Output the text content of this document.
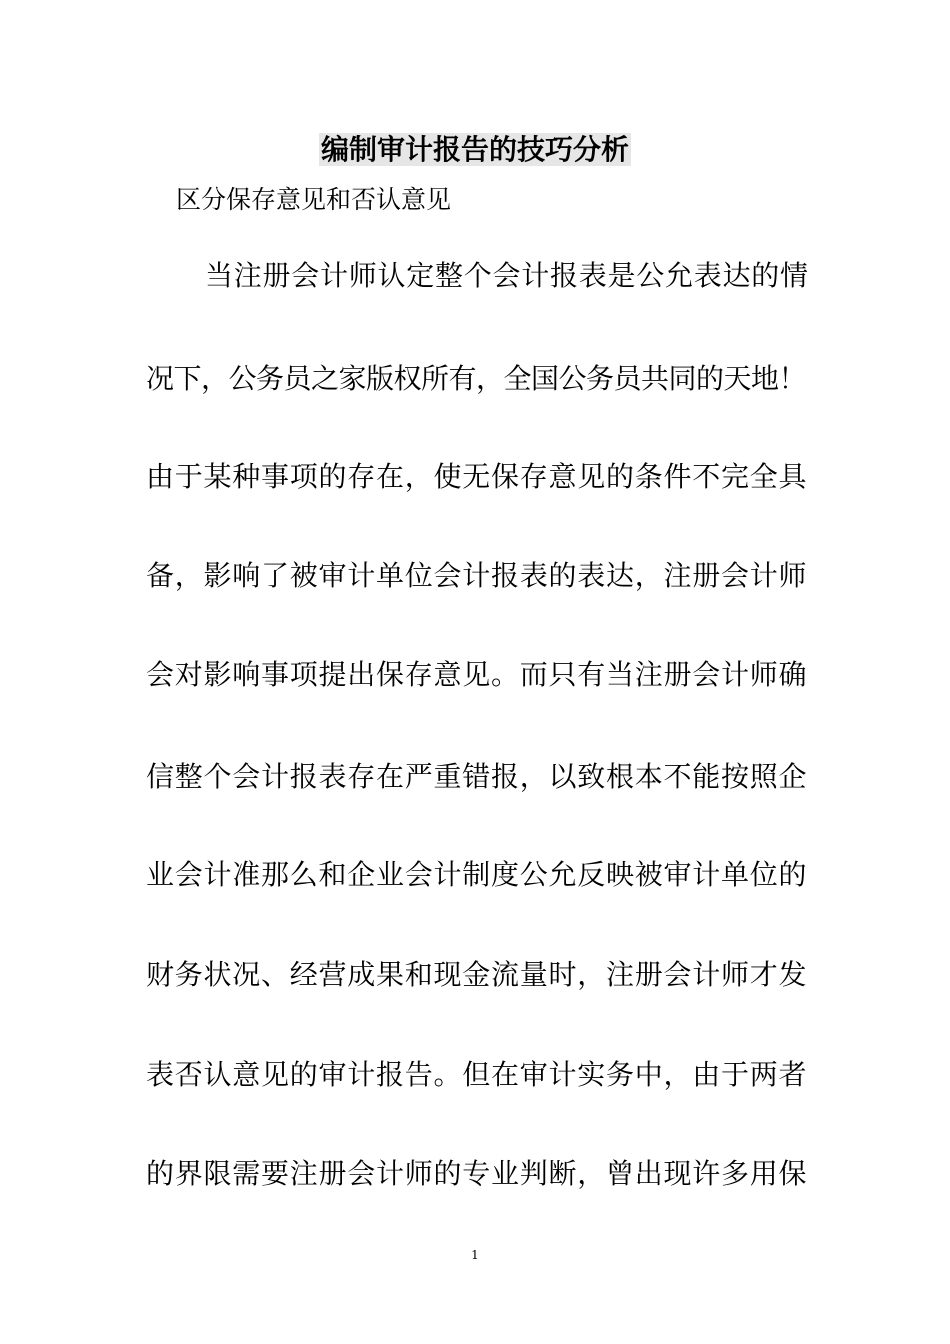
编制审计报告的技巧分析
区分保存意见和否认意见
当注册会计师认定整个会计报表是公允表达的情
况下，公务员之家版权所有，全国公务员共同的天地！
由于某种事项的存在，使无保存意见的条件不完全具
备，影响了被审计单位会计报表的表达，注册会计师
会对影响事项提出保存意见。而只有当注册会计师确
信整个会计报表存在严重错报，以致根本不能按照企
业会计准那么和企业会计制度公允反映被审计单位的
财务状况、经营成果和现金流量时，注册会计师才发
表否认意见的审计报告。但在审计实务中，由于两者
的界限需要注册会计师的专业判断，曾出现许多用保
1
